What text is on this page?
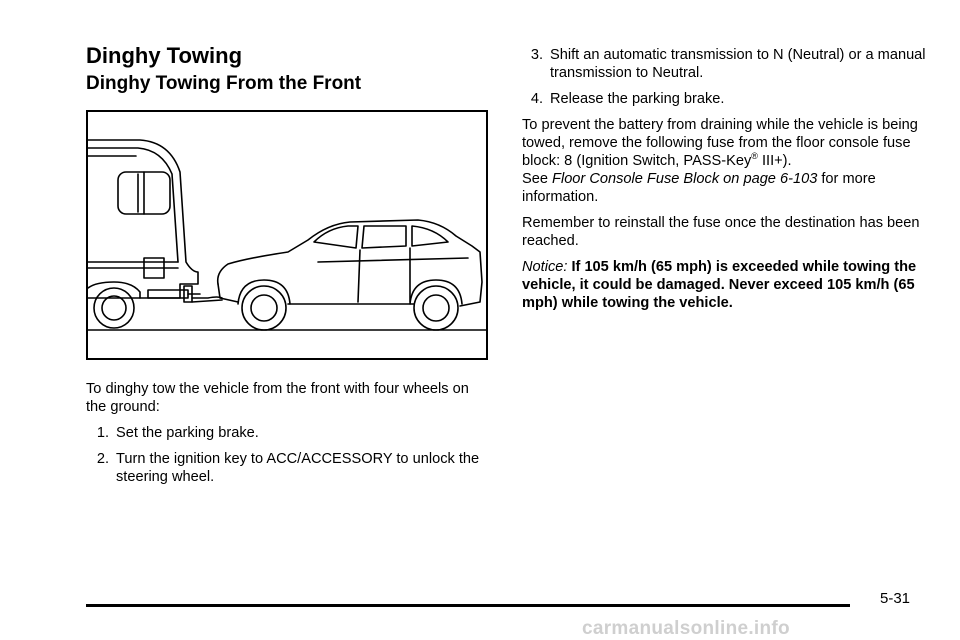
Dinghy Towing
Dinghy Towing From the Front

To dinghy tow the vehicle from the front with four wheels on the ground:

1. Set the parking brake.
2. Turn the ignition key to ACC/ACCESSORY to unlock the steering wheel.
3. Shift an automatic transmission to N (Neutral) or a manual transmission to Neutral.
4. Release the parking brake.

To prevent the battery from draining while the vehicle is being towed, remove the following fuse from the floor console fuse block: 8 (Ignition Switch, PASS-Key® III+).
See Floor Console Fuse Block on page 6-103 for more information.

Remember to reinstall the fuse once the destination has been reached.

Notice: If 105 km/h (65 mph) is exceeded while towing the vehicle, it could be damaged. Never exceed 105 km/h (65 mph) while towing the vehicle.

5-31
carmanualsonline.info
